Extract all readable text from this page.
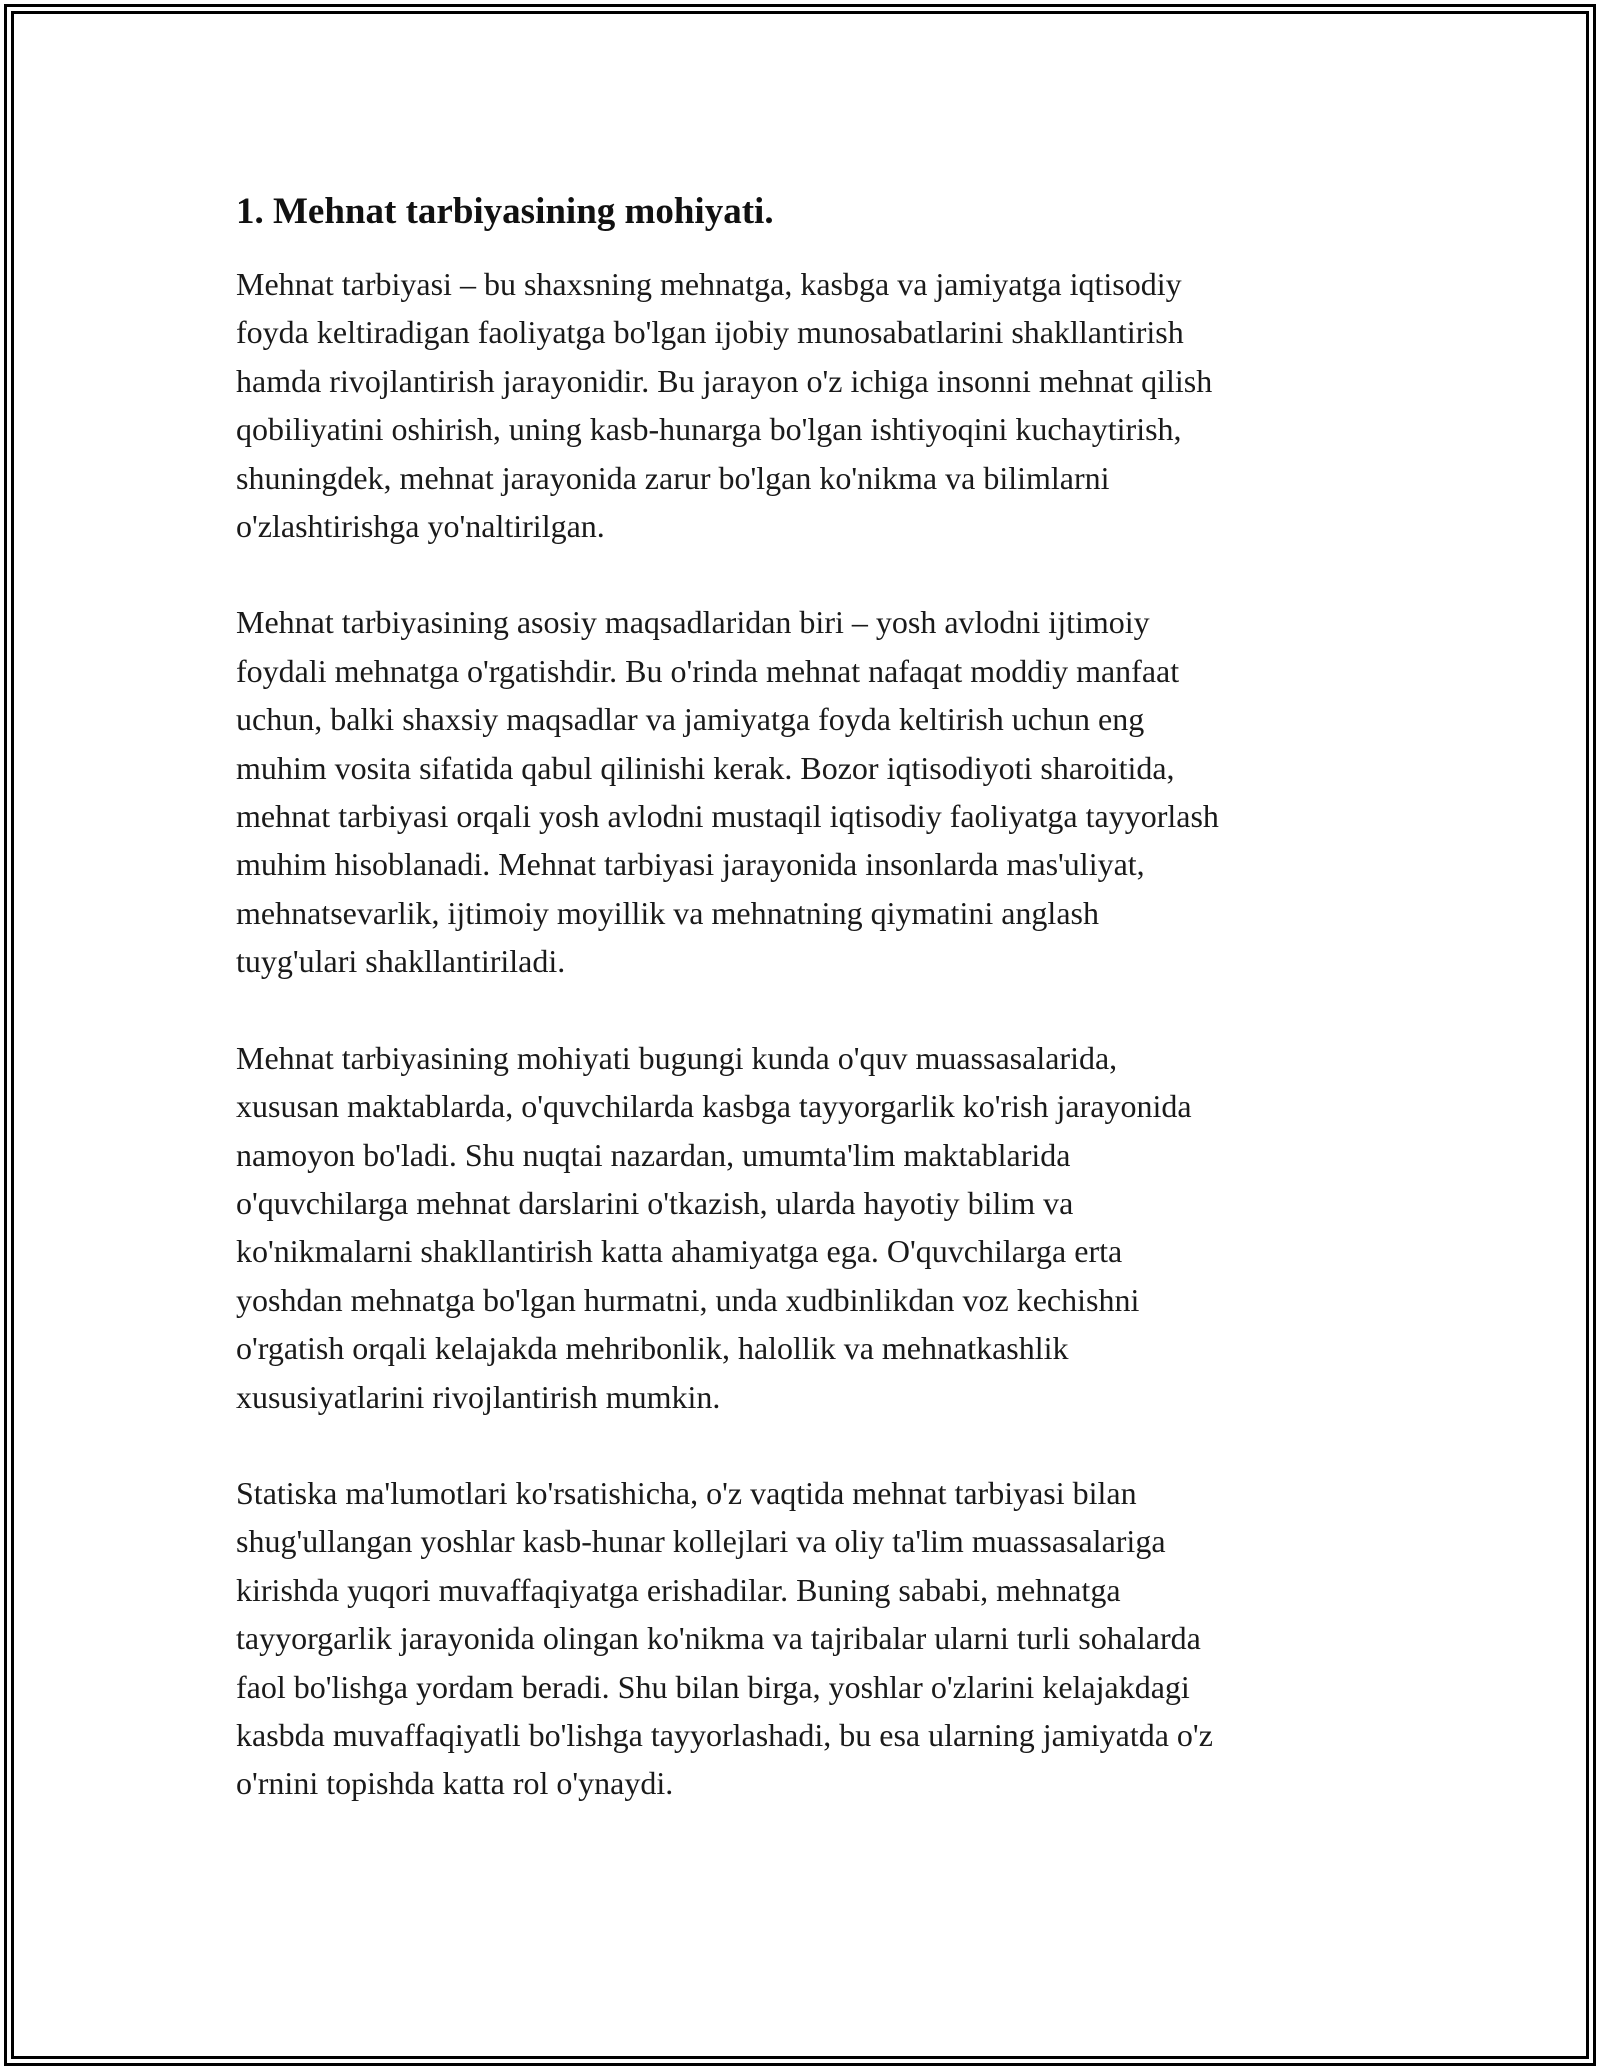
1. Mehnat tarbiyasining mohiyati.

Mehnat tarbiyasi – bu shaxsning mehnatga, kasbga va jamiyatga iqtisodiy
foyda keltiradigan faoliyatga bo'lgan ijobiy munosabatlarini shakllantirish
hamda rivojlantirish jarayonidir. Bu jarayon o'z ichiga insonni mehnat qilish
qobiliyatini oshirish, uning kasb-hunarga bo'lgan ishtiyoqini kuchaytirish,
shuningdek, mehnat jarayonida zarur bo'lgan ko'nikma va bilimlarni
o'zlashtirishga yo'naltirilgan.

Mehnat tarbiyasining asosiy maqsadlaridan biri – yosh avlodni ijtimoiy
foydali mehnatga o'rgatishdir. Bu o'rinda mehnat nafaqat moddiy manfaat
uchun, balki shaxsiy maqsadlar va jamiyatga foyda keltirish uchun eng
muhim vosita sifatida qabul qilinishi kerak. Bozor iqtisodiyoti sharoitida,
mehnat tarbiyasi orqali yosh avlodni mustaqil iqtisodiy faoliyatga tayyorlash
muhim hisoblanadi. Mehnat tarbiyasi jarayonida insonlarda mas'uliyat,
mehnatsevarlik, ijtimoiy moyillik va mehnatning qiymatini anglash
tuyg'ulari shakllantiriladi.

Mehnat tarbiyasining mohiyati bugungi kunda o'quv muassasalarida,
xususan maktablarda, o'quvchilarda kasbga tayyorgarlik ko'rish jarayonida
namoyon bo'ladi. Shu nuqtai nazardan, umumta'lim maktablarida
o'quvchilarga mehnat darslarini o'tkazish, ularda hayotiy bilim va
ko'nikmalarni shakllantirish katta ahamiyatga ega. O'quvchilarga erta
yoshdan mehnatga bo'lgan hurmatni, unda xudbinlikdan voz kechishni
o'rgatish orqali kelajakda mehribonlik, halollik va mehnatkashlik
xususiyatlarini rivojlantirish mumkin.

Statiska ma'lumotlari ko'rsatishicha, o'z vaqtida mehnat tarbiyasi bilan
shug'ullangan yoshlar kasb-hunar kollejlari va oliy ta'lim muassasalariga
kirishda yuqori muvaffaqiyatga erishadilar. Buning sababi, mehnatga
tayyorgarlik jarayonida olingan ko'nikma va tajribalar ularni turli sohalarda
faol bo'lishga yordam beradi. Shu bilan birga, yoshlar o'zlarini kelajakdagi
kasbda muvaffaqiyatli bo'lishga tayyorlashadi, bu esa ularning jamiyatda o'z
o'rnini topishda katta rol o'ynaydi.
